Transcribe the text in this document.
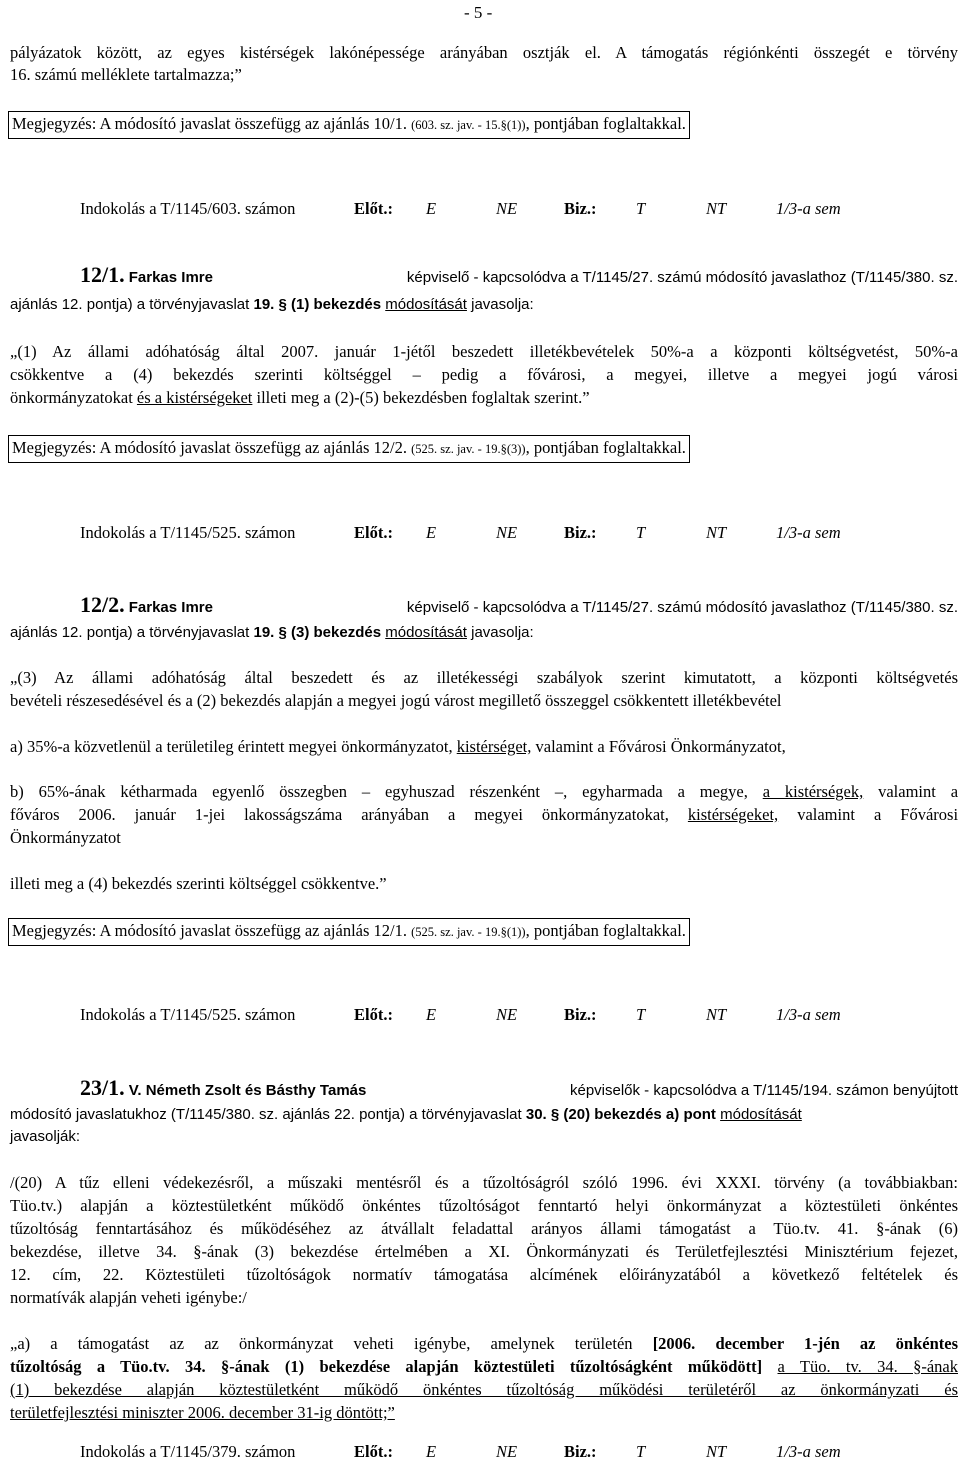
- 5 -
pályázatok között, az egyes kistérségek lakónépessége arányában osztják el. A támogatás régiónkénti összegét e törvény
16. számú melléklete tartalmazza;”
Megjegyzés: A módosító javaslat összefügg az ajánlás 10/1. (603. sz. jav. - 15.§(1)), pontjában foglaltakkal.
Indokolás a T/1145/603. számon	Előt.:	E	NE	Biz.:	T	NT	1/3-a sem
12/1. Farkas Imre	képviselő - kapcsolódva a T/1145/27. számú módosító javaslathoz (T/1145/380. sz.
ajánlás 12. pontja) a törvényjavaslat 19. § (1) bekezdés módosítását javasolja:
„(1) Az állami adóhatóság által 2007. január 1-jétől beszedett illetékbevételek 50%-a a központi költségvetést, 50%-a
csökkentve a (4) bekezdés szerinti költséggel – pedig a fővárosi, a megyei, illetve a megyei jogú városi
önkormányzatokat és a kistérségeket illeti meg a (2)-(5) bekezdésben foglaltak szerint.”
Megjegyzés: A módosító javaslat összefügg az ajánlás 12/2. (525. sz. jav. - 19.§(3)), pontjában foglaltakkal.
Indokolás a T/1145/525. számon	Előt.:	E	NE	Biz.:	T	NT	1/3-a sem
12/2. Farkas Imre	képviselő - kapcsolódva a T/1145/27. számú módosító javaslathoz (T/1145/380. sz.
ajánlás 12. pontja) a törvényjavaslat 19. § (3) bekezdés módosítását javasolja:
„(3) Az állami adóhatóság által beszedett és az illetékességi szabályok szerint kimutatott, a központi költségvetés
bevételi részesedésével és a (2) bekezdés alapján a megyei jogú várost megillető összeggel csökkentett illetékbevétel
a) 35%-a közvetlenül a területileg érintett megyei önkormányzatot, kistérséget, valamint a Fővárosi Önkormányzatot,
b) 65%-ának kétharmada egyenlő összegben – egyhuszad részenként –, egyharmada a megye, a kistérségek, valamint a
főváros 2006. január 1-jei lakosságszáma arányában a megyei önkormányzatokat, kistérségeket, valamint a Fővárosi
Önkormányzatot
illeti meg a (4) bekezdés szerinti költséggel csökkentve.”
Megjegyzés: A módosító javaslat összefügg az ajánlás 12/1. (525. sz. jav. - 19.§(1)), pontjában foglaltakkal.
Indokolás a T/1145/525. számon	Előt.:	E	NE	Biz.:	T	NT	1/3-a sem
23/1. V. Németh Zsolt és Básthy Tamás	képviselők - kapcsolódva a T/1145/194. számon benyújtott
módosító javaslatukhoz (T/1145/380. sz. ajánlás 22. pontja) a törvényjavaslat 30. § (20) bekezdés a) pont módosítását
javasolják:
/(20) A tűz elleni védekezésről, a műszaki mentésről és a tűzoltóságról szóló 1996. évi XXXI. törvény (a továbbiakban:
Tüo.tv.) alapján a köztestületként működő önkéntes tűzoltóságot fenntartó helyi önkormányzat a köztestületi önkéntes
tűzoltóság fenntartásához és működéséhez az átvállalt feladattal arányos állami támogatást a Tüo.tv. 41. §-ának (6)
bekezdése, illetve 34. §-ának (3) bekezdése értelmében a XI. Önkormányzati és Területfejlesztési Minisztérium fejezet,
12. cím, 22. Köztestületi tűzoltóságok normatív támogatása alcímének előirányzatából a következő feltételek és
normatívák alapján veheti igénybe:/
„a) a támogatást az az önkormányzat veheti igénybe, amelynek területén [2006. december 1-jén az önkéntes
tűzoltóság a Tüo.tv. 34. §-ának (1) bekezdése alapján köztestületi tűzoltóságként működött] a Tüo. tv. 34. §-ának
(1) bekezdése alapján köztestületként működő önkéntes tűzoltóság működési területéről az önkormányzati és
területfejlesztési miniszter 2006. december 31-ig döntött;”
Indokolás a T/1145/379. számon	Előt.:	E	NE	Biz.:	T	NT	1/3-a sem
